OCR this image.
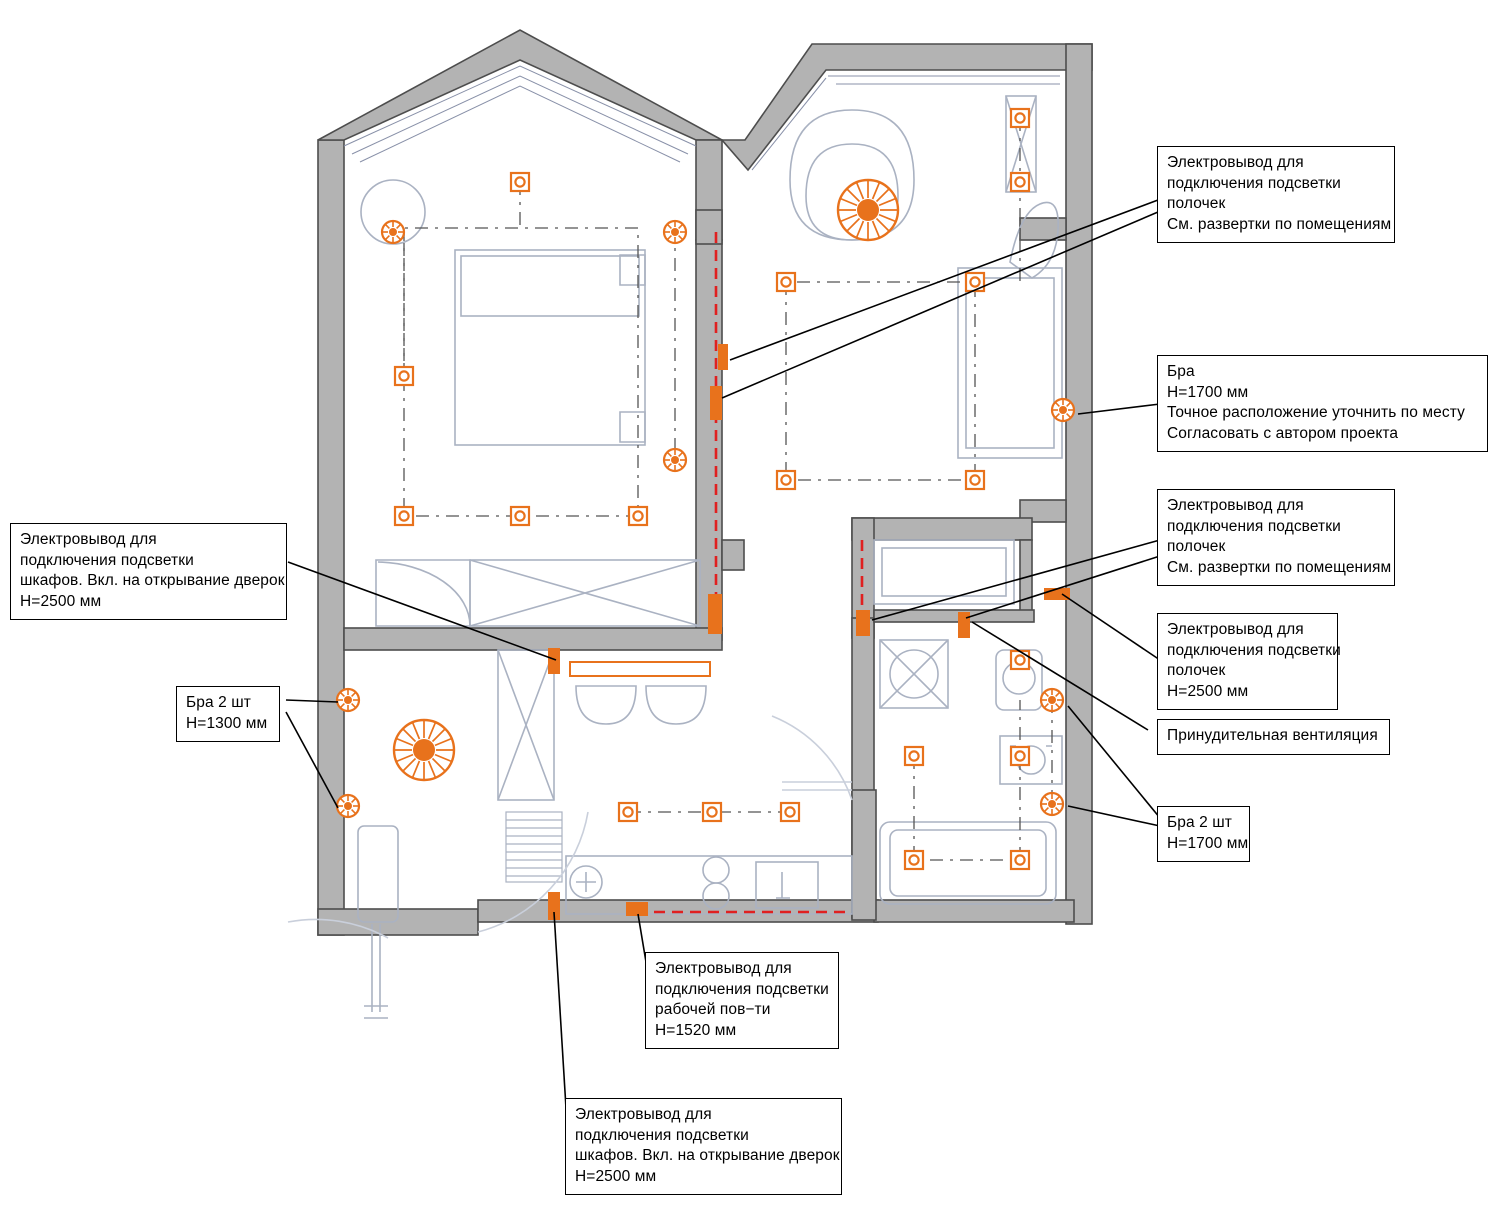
Электровывод для
подключения подсветки
полочек
См. развертки по помещениям
Бра
H=1700 мм
Точное расположение уточнить по месту
Согласовать с автором проекта
Электровывод для
подключения подсветки
полочек
См. развертки по помещениям
Электровывод для
подключения подсветки
полочек
H=2500 мм
Принудительная вентиляция
Бра 2 шт
H=1700 мм
Электровывод для
подключения подсветки
шкафов. Вкл. на открывание дверок
H=2500 мм
Бра 2 шт
H=1300 мм
Электровывод для
подключения подсветки
рабочей пов−ти
H=1520 мм
Электровывод для
подключения подсветки
шкафов. Вкл. на открывание дверок
H=2500 мм
